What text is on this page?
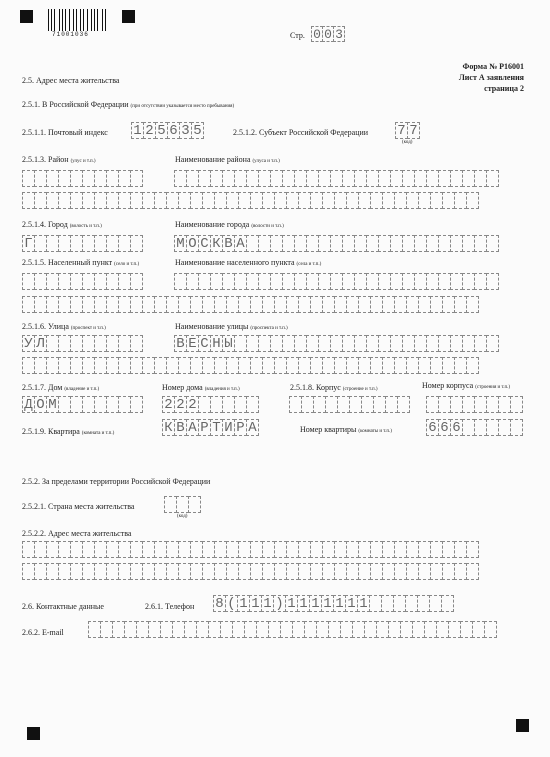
71001036	Стр. 0 0 3
Форма № Р16001
Лист А заявления
страница 2
2.5. Адрес места жительства
2.5.1. В Российской Федерации (при отсутствии указывается место пребывания)
2.5.1.1. Почтовый индекс 1 2 5 6 3 5	2.5.1.2. Субъект Российской Федерации 7 7
(код)
2.5.1.3. Район (улус и т.п.)	Наименование района (улуса и т.п.)
2.5.1.4. Город (волость и т.п.)	Наименование города (волости и т.п.)
Г	М О С К В А
2.5.1.5. Населенный пункт (село и т.п.)	Наименование населенного пункта (села и т.п.)
2.5.1.6. Улица (проспект и т.п.)	Наименование улицы (проспекта и т.п.)
У Л	В Е С Н Ы
2.5.1.7. Дом (владение и т.п.)	Номер дома (владения и т.п.)	2.5.1.8. Корпус (строение и т.п.)	Номер корпуса (строения и т.п.)
Д О М	2 2 2
2.5.1.9. Квартира (комната и т.п.)	К В А Р Т И Р А	Номер квартиры (комнаты и т.п.)	6 6 6
2.5.2. За пределами территории Российской Федерации
2.5.2.1. Страна места жительства
(код)
2.5.2.2. Адрес места жительства
2.6. Контактные данные	2.6.1. Телефон 8 ( 1 1 1 ) 1 1 1 1 1 1 1
2.6.2. E-mail
